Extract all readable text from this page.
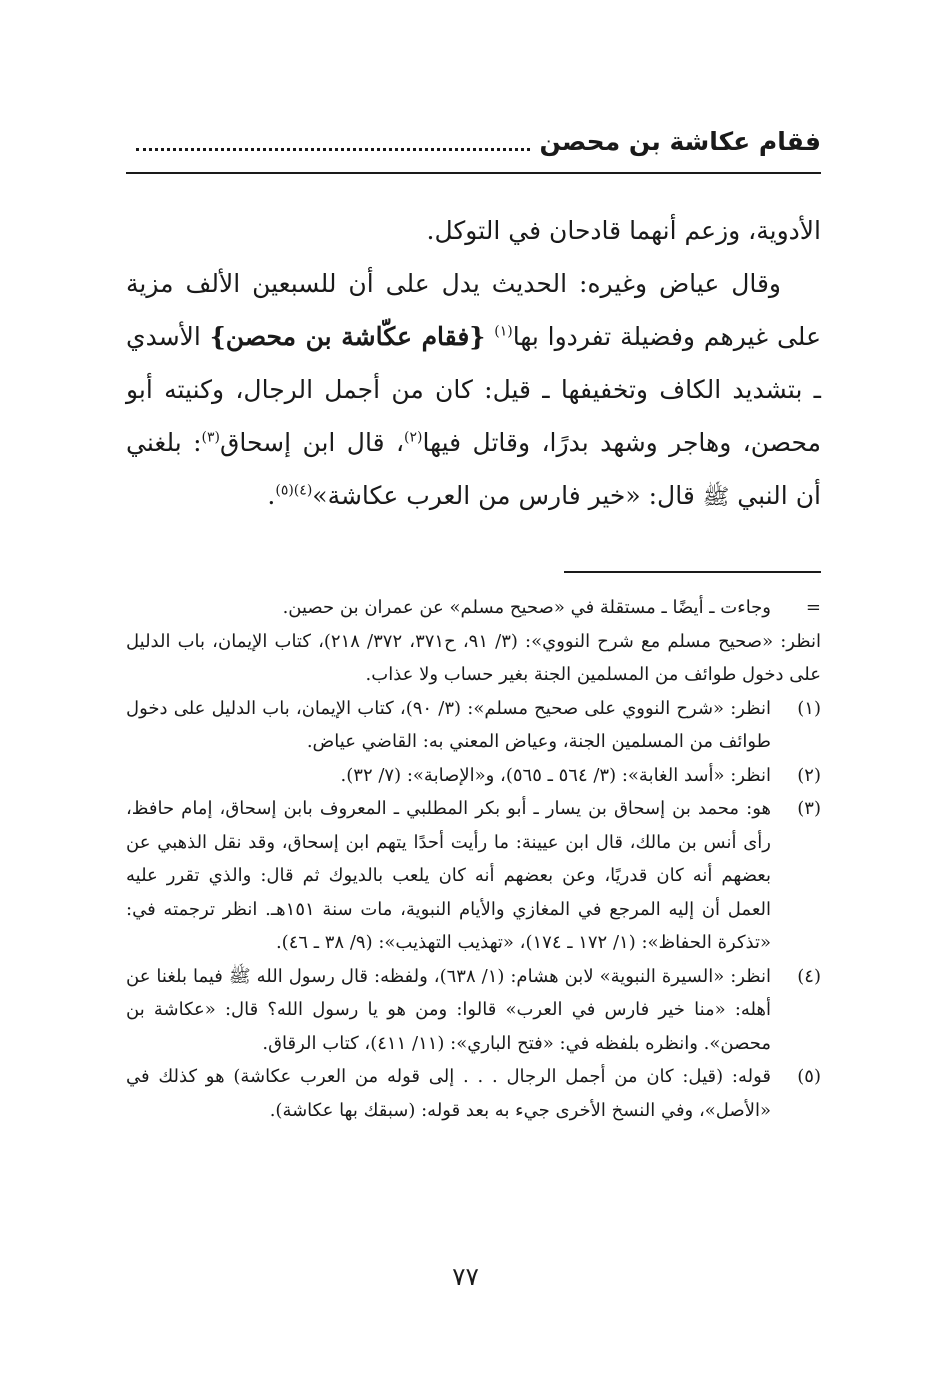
فقام عكاشة بن محصن

الأدوية، وزعم أنهما قادحان في التوكل.

وقال عياض وغيره: الحديث يدل على أن للسبعين الألف مزية على غيرهم وفضيلة تفردوا بها$^{(١)}$ {فقام عكّاشة بن محصن} الأسدي ـ بتشديد الكاف وتخفيفها ـ قيل: كان من أجمل الرجال، وكنيته أبو محصن، وهاجر وشهد بدرًا، وقاتل فيها$^{(٢)}$، قال ابن إسحاق$^{(٣)}$: بلغني أن النبي ﷺ قال: «خير فارس من العرب عكاشة»$^{(٤)(٥)}$.

=
وجاءت ـ أيضًا ـ مستقلة في «صحيح مسلم» عن عمران بن حصين.

انظر: «صحيح مسلم مع شرح النووي»: (٣/ ٩١، ح٣٧١، ٣٧٢/ ٢١٨)، كتاب الإيمان، باب الدليل على دخول طوائف من المسلمين الجنة بغير حساب ولا عذاب.

(١)
انظر: «شرح النووي على صحيح مسلم»: (٣/ ٩٠)، كتاب الإيمان، باب الدليل على دخول طوائف من المسلمين الجنة، وعياض المعني به: القاضي عياض.
(٢)
انظر: «أسد الغابة»: (٣/ ٥٦٤ ـ ٥٦٥)، و«الإصابة»: (٧/ ٣٢).
(٣)
هو: محمد بن إسحاق بن يسار ـ أبو بكر المطلبي ـ المعروف بابن إسحاق، إمام حافظ، رأى أنس بن مالك، قال ابن عيينة: ما رأيت أحدًا يتهم ابن إسحاق، وقد نقل الذهبي عن بعضهم أنه كان قدريًا، وعن بعضهم أنه كان يلعب بالديوك ثم قال: والذي تقرر عليه العمل أن إليه المرجع في المغازي والأيام النبوية، مات سنة ١٥١هـ. انظر ترجمته في: «تذكرة الحفاظ»: (١/ ١٧٢ ـ ١٧٤)، «تهذيب التهذيب»: (٩/ ٣٨ ـ ٤٦).
(٤)
انظر: «السيرة النبوية» لابن هشام: (١/ ٦٣٨)، ولفظه: قال رسول الله ﷺ فيما بلغنا عن أهله: «منا خير فارس في العرب» قالوا: ومن هو يا رسول الله؟ قال: «عكاشة بن محصن». وانظره بلفظه في: «فتح الباري»: (١١/ ٤١١)، كتاب الرقاق.
(٥)
قوله: (قيل: كان من أجمل الرجال . . . إلى قوله من العرب عكاشة) هو كذلك في «الأصل»، وفي النسخ الأخرى جيء به بعد قوله: (سبقك بها عكاشة).
٧٧
